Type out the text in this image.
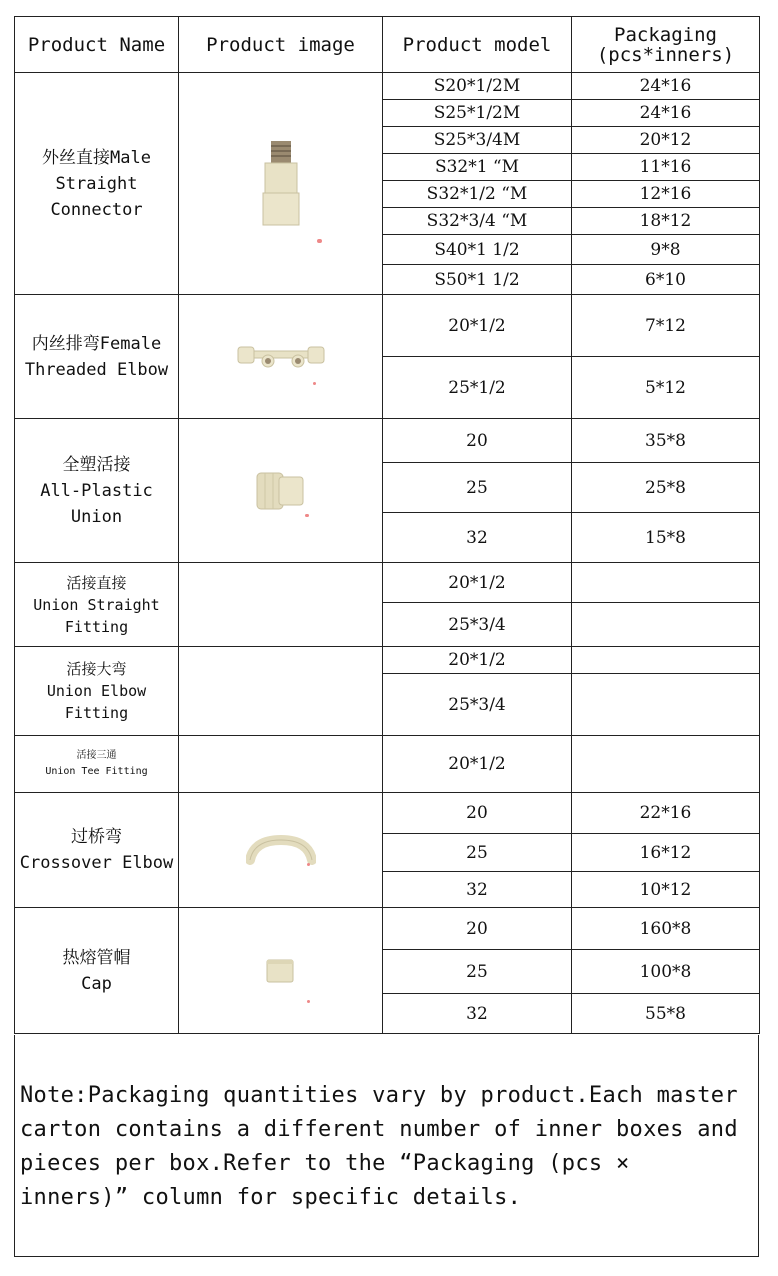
Product Name	Product image	Product model	Packaging
(pcs*inners)
外丝直接Male Straight Connector		S20*1/2M	24*16
		S25*1/2M	24*16
		S25*3/4M	20*12
		S32*1 “M	11*16
		S32*1/2 “M	12*16
		S32*3/4 “M	18*12
		S40*1 1/2	9*8
		S50*1 1/2	6*10
内丝排弯Female Threaded Elbow		20*1/2	7*12
		25*1/2	5*12
全塑活接
All-Plastic Union		20	35*8
		25	25*8
		32	15*8
活接直接
Union Straight Fitting		20*1/2	
		25*3/4	
活接大弯
Union Elbow Fitting		20*1/2	
		25*3/4	
活接三通
Union Tee Fitting		20*1/2	
过桥弯
Crossover Elbow		20	22*16
		25	16*12
		32	10*12
热熔管帽
Cap		20	160*8
		25	100*8
		32	55*8
Note:Packaging quantities vary by product.Each master carton contains a different number of inner boxes and pieces per box.Refer to the “Packaging (pcs × inners)” column for specific details.
